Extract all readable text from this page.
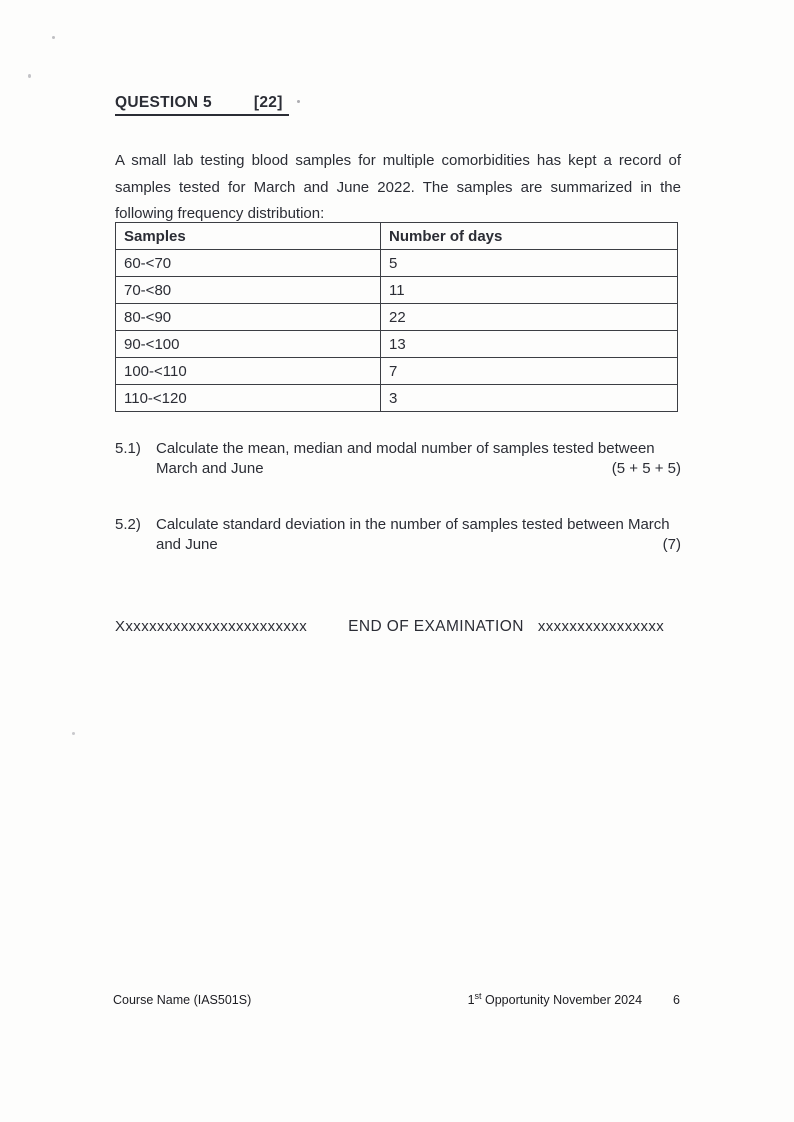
QUESTION 5	[22]

A small lab testing blood samples for multiple comorbidities has kept a record of samples tested for March and June 2022. The samples are summarized in the following frequency distribution:

Samples	Number of days
60-<70	5
70-<80	11
80-<90	22
90-<100	13
100-<110	7
110-<120	3
5.1)	Calculate the mean, median and modal number of samples tested between
March and June	(5 + 5 + 5)
5.2)	Calculate standard deviation in the number of samples tested between March
and June	(7)
Xxxxxxxxxxxxxxxxxxxxxxxx	END OF EXAMINATION xxxxxxxxxxxxxxxx
Course Name (IAS501S)	1st Opportunity November 2024 6
